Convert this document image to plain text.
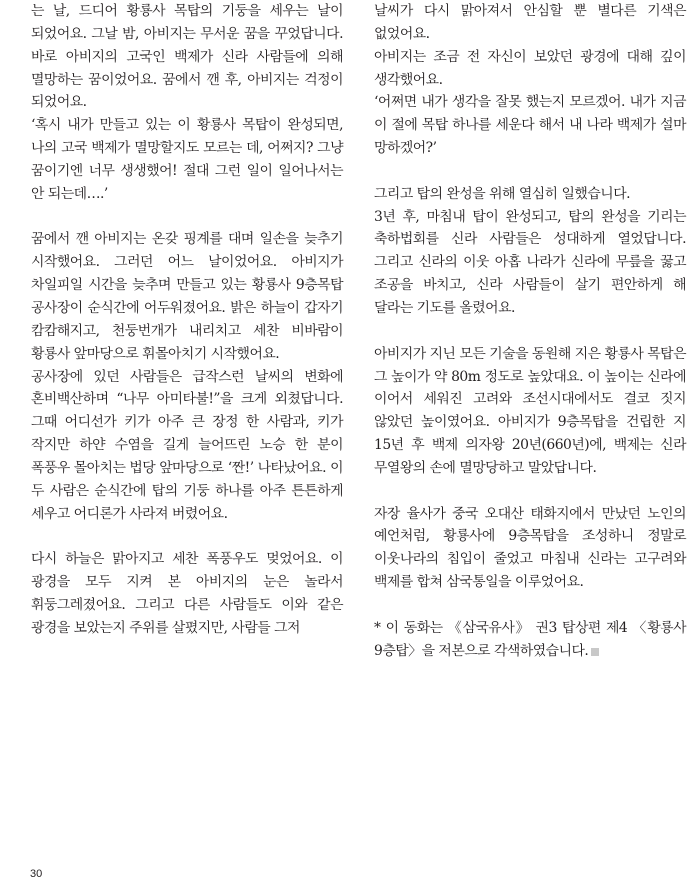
는 날, 드디어 황룡사 목탑의 기둥을 세우는 날이 되었어요. 그날 밤, 아비지는 무서운 꿈을 꾸었답니다. 바로 아비지의 고국인 백제가 신라 사람들에 의해 멸망하는 꿈이었어요. 꿈에서 깬 후, 아비지는 걱정이 되었어요.

‘혹시 내가 만들고 있는 이 황룡사 목탑이 완성되면, 나의 고국 백제가 멸망할지도 모르는 데, 어쩌지? 그냥 꿈이기엔 너무 생생했어! 절대 그런 일이 일어나서는 안 되는데….’

꿈에서 깬 아비지는 온갖 핑계를 대며 일손을 늦추기 시작했어요. 그러던 어느 날이었어요. 아비지가 차일피일 시간을 늦추며 만들고 있는 황룡사 9층목탑 공사장이 순식간에 어두워졌어요. 밝은 하늘이 갑자기 캄캄해지고, 천둥번개가 내리치고 세찬 비바람이 황룡사 앞마당으로 휘몰아치기 시작했어요.

공사장에 있던 사람들은 급작스런 날씨의 변화에 혼비백산하며 “나무 아미타불!”을 크게 외쳤답니다. 그때 어디선가 키가 아주 큰 장정 한 사람과, 키가 작지만 하얀 수염을 길게 늘어뜨린 노승 한 분이 폭풍우 몰아치는 법당 앞마당으로 ‘짠!’ 나타났어요. 이 두 사람은 순식간에 탑의 기둥 하나를 아주 튼튼하게 세우고 어디론가 사라져 버렸어요.

다시 하늘은 맑아지고 세찬 폭풍우도 멎었어요. 이 광경을 모두 지켜 본 아비지의 눈은 놀라서 휘둥그레졌어요. 그리고 다른 사람들도 이와 같은 광경을 보았는지 주위를 살폈지만, 사람들 그저

날씨가 다시 맑아져서 안심할 뿐 별다른 기색은 없었어요.

아비지는 조금 전 자신이 보았던 광경에 대해 깊이 생각했어요.

‘어쩌면 내가 생각을 잘못 했는지 모르겠어. 내가 지금 이 절에 목탑 하나를 세운다 해서 내 나라 백제가 설마 망하겠어?’

그리고 탑의 완성을 위해 열심히 일했습니다.

3년 후, 마침내 탑이 완성되고, 탑의 완성을 기리는 축하법회를 신라 사람들은 성대하게 열었답니다. 그리고 신라의 이웃 아홉 나라가 신라에 무릎을 꿇고 조공을 바치고, 신라 사람들이 살기 편안하게 해 달라는 기도를 올렸어요.

아비지가 지닌 모든 기술을 동원해 지은 황룡사 목탑은 그 높이가 약 80m 정도로 높았대요. 이 높이는 신라에 이어서 세워진 고려와 조선시대에서도 결코 짓지 않았던 높이였어요. 아비지가 9층목탑을 건립한 지 15년 후 백제 의자왕 20년(660년)에, 백제는 신라 무열왕의 손에 멸망당하고 말았답니다.

자장 율사가 중국 오대산 태화지에서 만났던 노인의 예언처럼, 황룡사에 9층목탑을 조성하니 정말로 이웃나라의 침입이 줄었고 마침내 신라는 고구려와 백제를 합쳐 삼국통일을 이루었어요.

* 이 동화는 《삼국유사》 권3 탑상편 제4 〈황룡사 9층탑〉을 저본으로 각색하였습니다.

30
